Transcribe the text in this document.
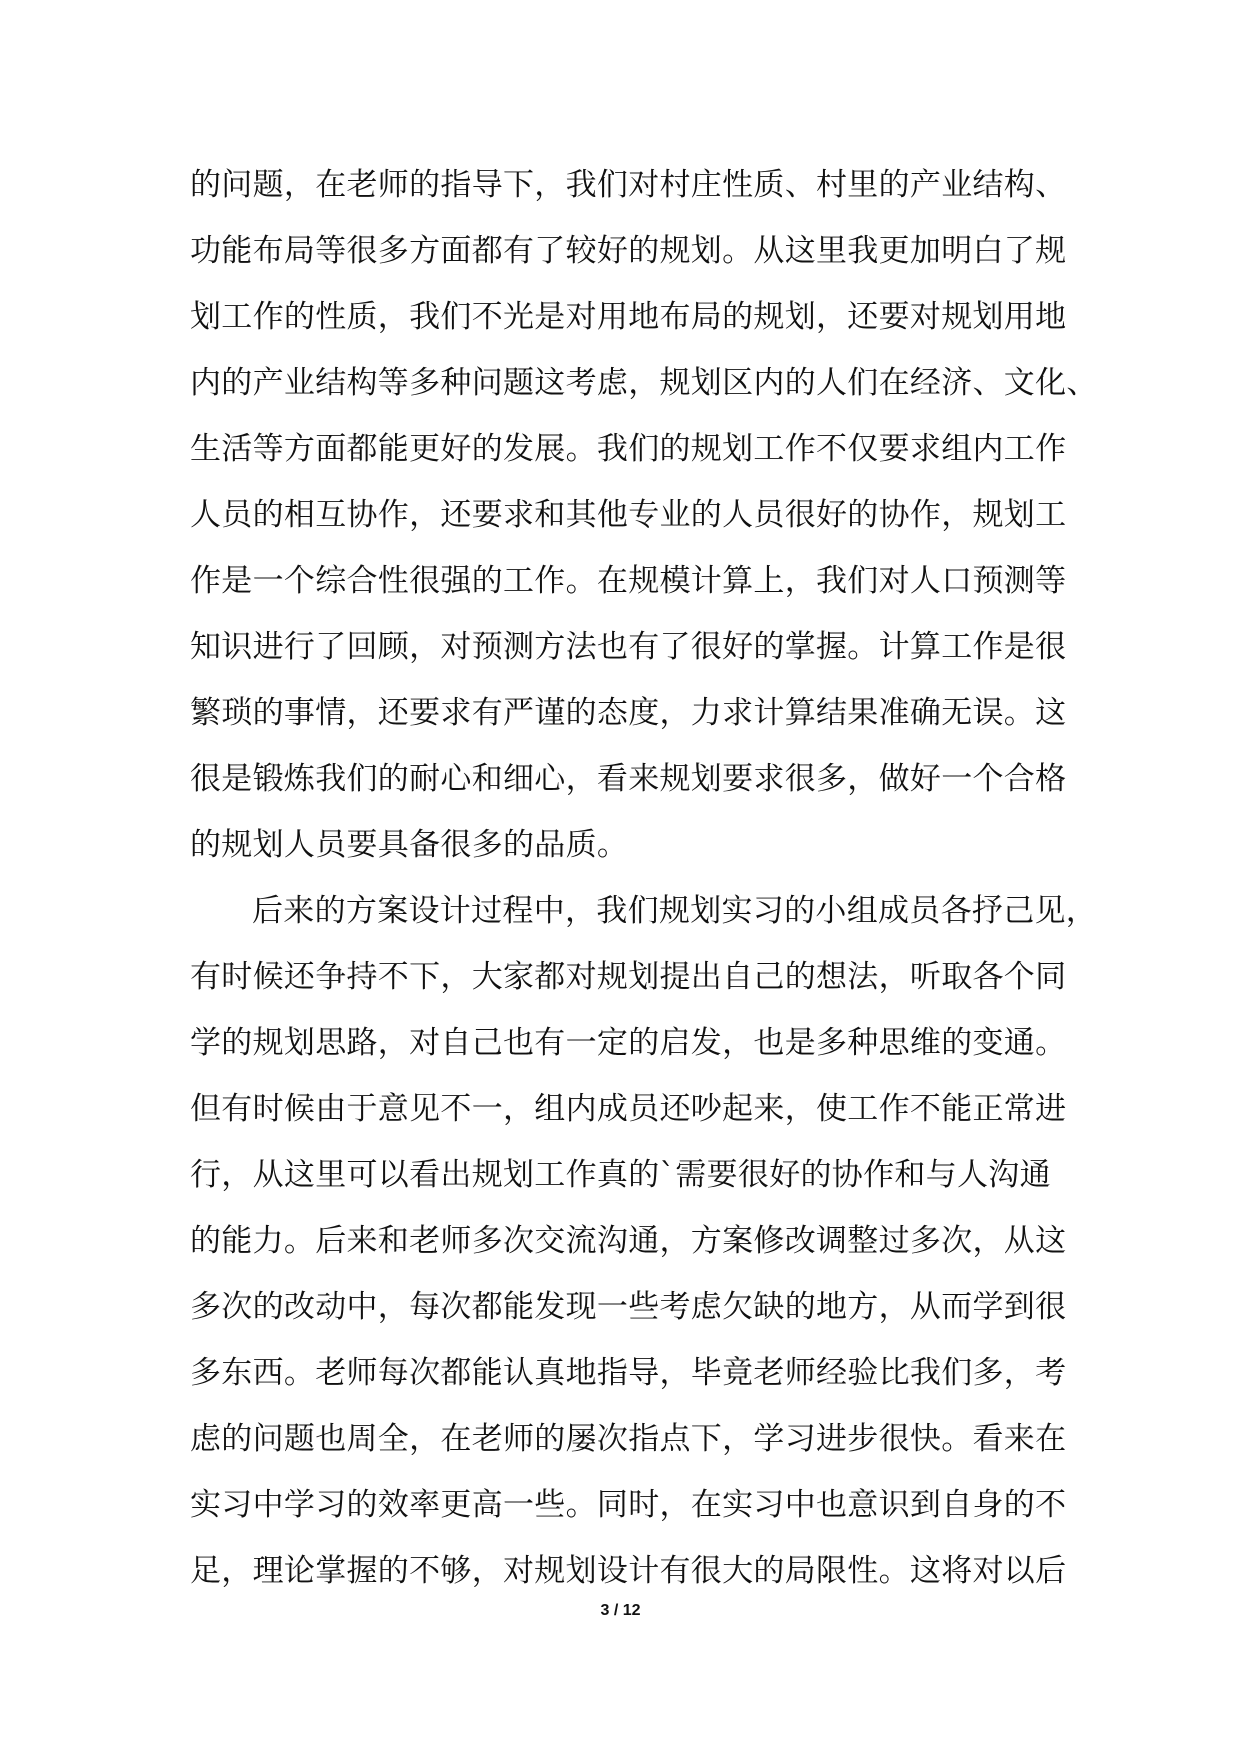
的问题，在老师的指导下，我们对村庄性质、村里的产业结构、
功能布局等很多方面都有了较好的规划。从这里我更加明白了规
划工作的性质，我们不光是对用地布局的规划，还要对规划用地
内的产业结构等多种问题这考虑，规划区内的人们在经济、文化、
生活等方面都能更好的发展。我们的规划工作不仅要求组内工作
人员的相互协作，还要求和其他专业的人员很好的协作，规划工
作是一个综合性很强的工作。在规模计算上，我们对人口预测等
知识进行了回顾，对预测方法也有了很好的掌握。计算工作是很
繁琐的事情，还要求有严谨的态度，力求计算结果准确无误。这
很是锻炼我们的耐心和细心，看来规划要求很多，做好一个合格
的规划人员要具备很多的品质。
后来的方案设计过程中，我们规划实习的小组成员各抒己见，
有时候还争持不下，大家都对规划提出自己的想法，听取各个同
学的规划思路，对自己也有一定的启发，也是多种思维的变通。
但有时候由于意见不一，组内成员还吵起来，使工作不能正常进
行，从这里可以看出规划工作真的`需要很好的协作和与人沟通
的能力。后来和老师多次交流沟通，方案修改调整过多次，从这
多次的改动中，每次都能发现一些考虑欠缺的地方，从而学到很
多东西。老师每次都能认真地指导，毕竟老师经验比我们多，考
虑的问题也周全，在老师的屡次指点下，学习进步很快。看来在
实习中学习的效率更高一些。同时，在实习中也意识到自身的不
足，理论掌握的不够，对规划设计有很大的局限性。这将对以后
3 / 12
